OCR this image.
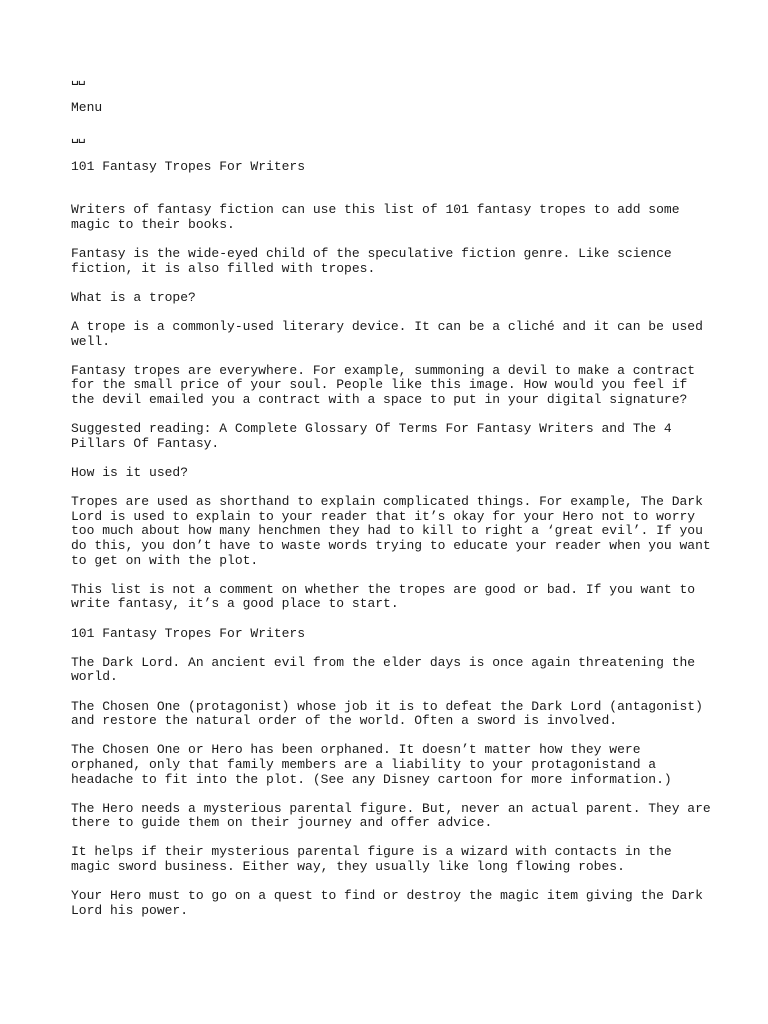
␣␣

Menu

␣␣

101 Fantasy Tropes For Writers

Writers of fantasy fiction can use this list of 101 fantasy tropes to add some magic to their books.

Fantasy is the wide-eyed child of the speculative fiction genre. Like science fiction, it is also filled with tropes.

What is a trope?

A trope is a commonly-used literary device. It can be a cliché and it can be used well.

Fantasy tropes are everywhere. For example, summoning a devil to make a contract for the small price of your soul. People like this image. How would you feel if the devil emailed you a contract with a space to put in your digital signature?

Suggested reading: A Complete Glossary Of Terms For Fantasy Writers and The 4 Pillars Of Fantasy.

How is it used?

Tropes are used as shorthand to explain complicated things. For example, The Dark Lord is used to explain to your reader that it’s okay for your Hero not to worry too much about how many henchmen they had to kill to right a ‘great evil’. If you do this, you don’t have to waste words trying to educate your reader when you want to get on with the plot.

This list is not a comment on whether the tropes are good or bad. If you want to write fantasy, it’s a good place to start.

101 Fantasy Tropes For Writers

The Dark Lord. An ancient evil from the elder days is once again threatening the world.

The Chosen One (protagonist) whose job it is to defeat the Dark Lord (antagonist) and restore the natural order of the world. Often a sword is involved.

The Chosen One or Hero has been orphaned. It doesn’t matter how they were orphaned, only that family members are a liability to your protagonistand a headache to fit into the plot. (See any Disney cartoon for more information.)

The Hero needs a mysterious parental figure. But, never an actual parent. They are there to guide them on their journey and offer advice.

It helps if their mysterious parental figure is a wizard with contacts in the magic sword business. Either way, they usually like long flowing robes.

Your Hero must to go on a quest to find or destroy the magic item giving the Dark Lord his power.
